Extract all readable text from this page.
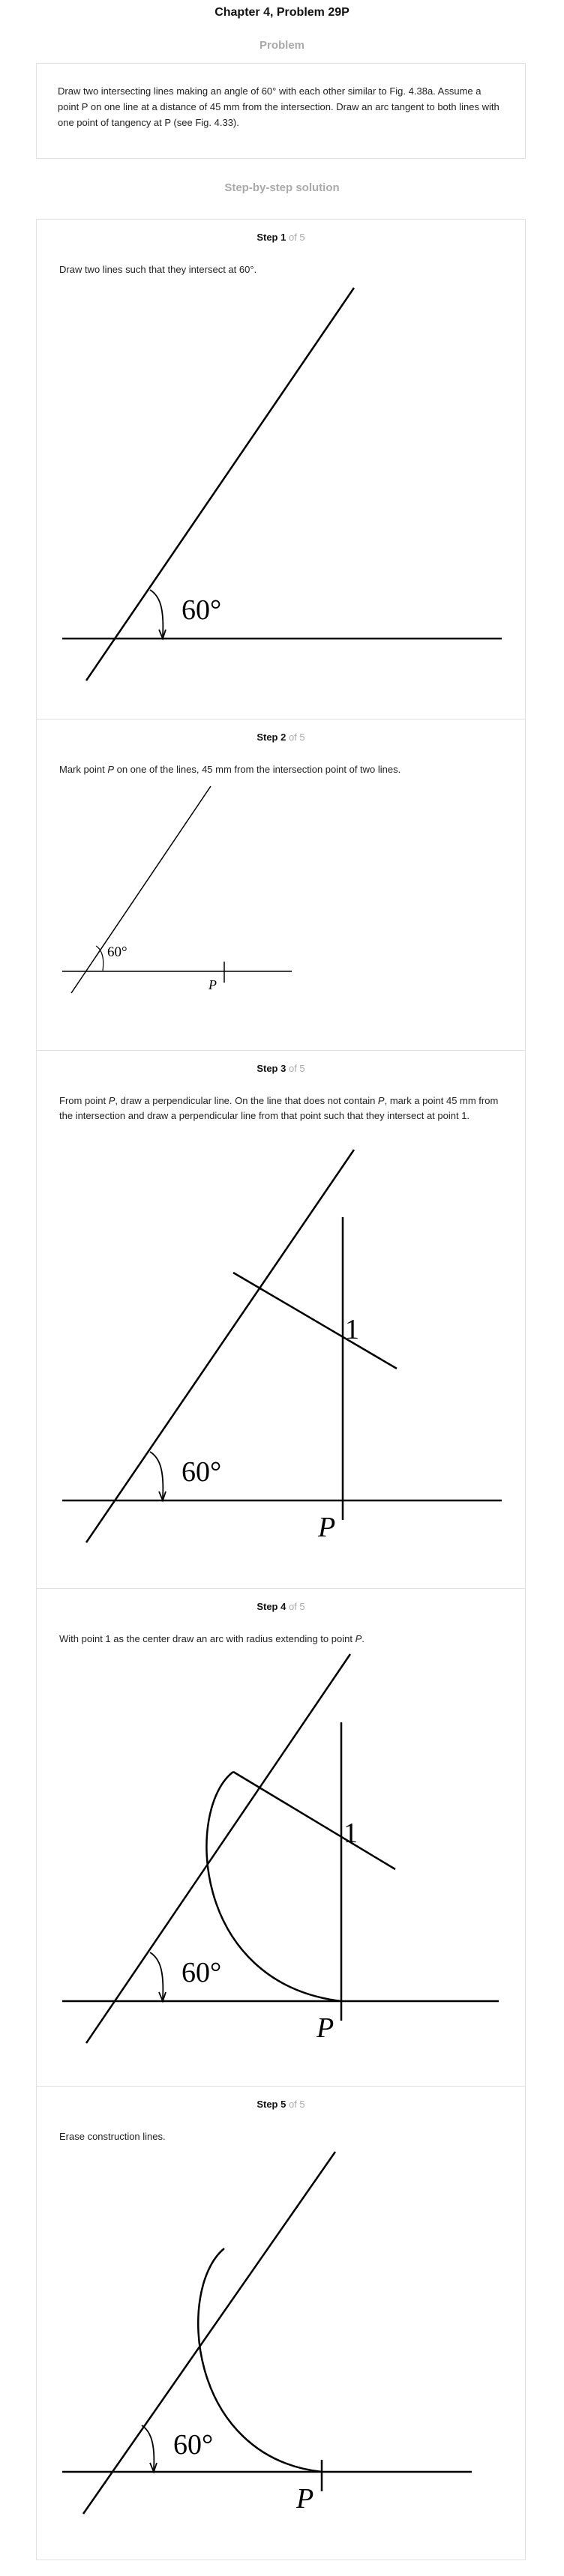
Chapter 4, Problem 29P
Problem
Draw two intersecting lines making an angle of 60° with each other similar to Fig. 4.38a. Assume a point P on one line at a distance of 45 mm from the intersection. Draw an arc tangent to both lines with one point of tangency at P (see Fig. 4.33).
Step-by-step solution
Step 1 of 5
Draw two lines such that they intersect at 60°.
60°
Step 2 of 5
Mark point P on one of the lines, 45 mm from the intersection point of two lines.
60°
P
Step 3 of 5
From point P, draw a perpendicular line. On the line that does not contain P, mark a point 45 mm from the intersection and draw a perpendicular line from that point such that they intersect at point 1.
60°
1
P
Step 4 of 5
With point 1 as the center draw an arc with radius extending to point P.
60°
1
P
Step 5 of 5
Erase construction lines.
60°
P
